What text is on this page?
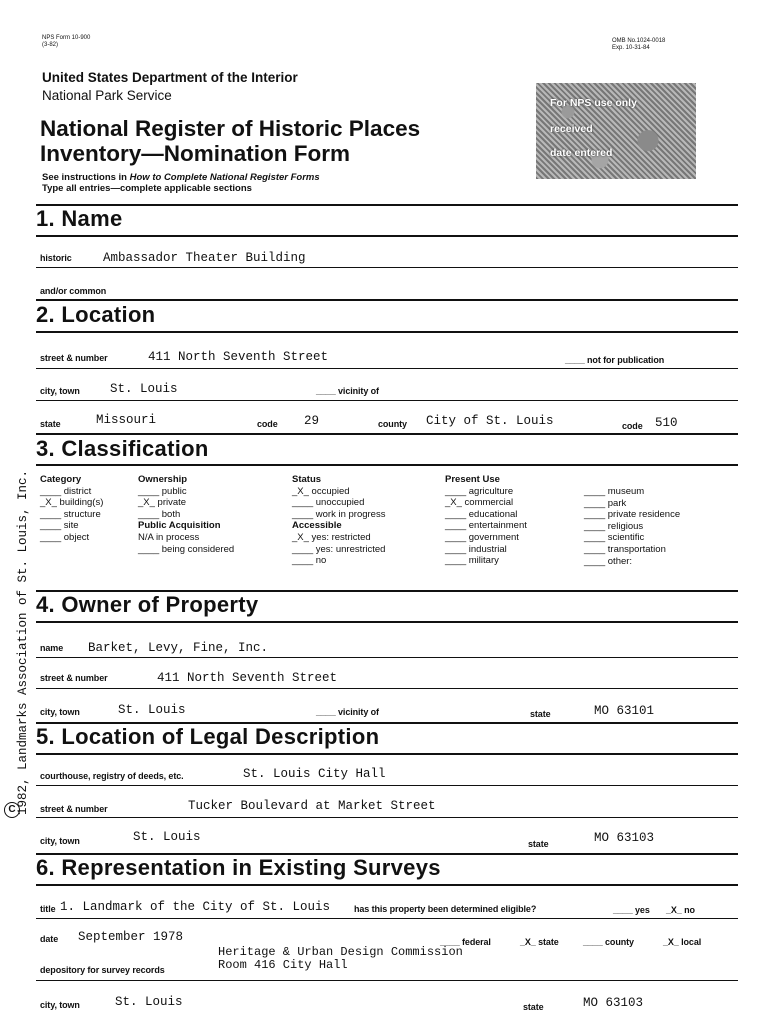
NPS Form 10-900
(3-82)
OMB No.1024-0018
Exp. 10-31-84
United States Department of the Interior
National Park Service
National Register of Historic Places
Inventory—Nomination Form
See instructions in How to Complete National Register Forms
Type all entries—complete applicable sections
For NPS use only
received
date entered
1. Name
historic	Ambassador Theater Building
and/or common
2. Location
street & number	411 North Seventh Street	____ not for publication
city, town St. Louis	____ vicinity of
state	Missouri	code 29	county City of St. Louis	code 510
3. Classification
Category
____ district
_X_ building(s)
____ structure
____ site
____ object
Ownership
____ public
_X_ private
____ both
Public Acquisition
N/A in process
____ being considered
Status
_X_ occupied
____ unoccupied
____ work in progress
Accessible
_X_ yes: restricted
____ yes: unrestricted
____ no
Present Use
____ agriculture
_X_ commercial
____ educational
____ entertainment
____ government
____ industrial
____ military
____ museum
____ park
____ private residence
____ religious
____ scientific
____ transportation
____ other:
4. Owner of Property
name Barket, Levy, Fine, Inc.
street & number	411 North Seventh Street
city, town	St. Louis	____ vicinity of	state	MO 63101
5. Location of Legal Description
courthouse, registry of deeds, etc.	St. Louis City Hall
street & number	Tucker Boulevard at Market Street
city, town	St. Louis	state	MO 63103
6. Representation in Existing Surveys
title 1. Landmark of the City of St. Louis	has this property been determined eligible?	____ yes _X_ no
date September 1978	____ federal	_X_ state	____ county	_X_ local
Heritage & Urban Design Commission
Room 416 City Hall
depository for survey records
city, town	St. Louis	state	MO 63103
C 1982, Landmarks Association of St. Louis, Inc.
